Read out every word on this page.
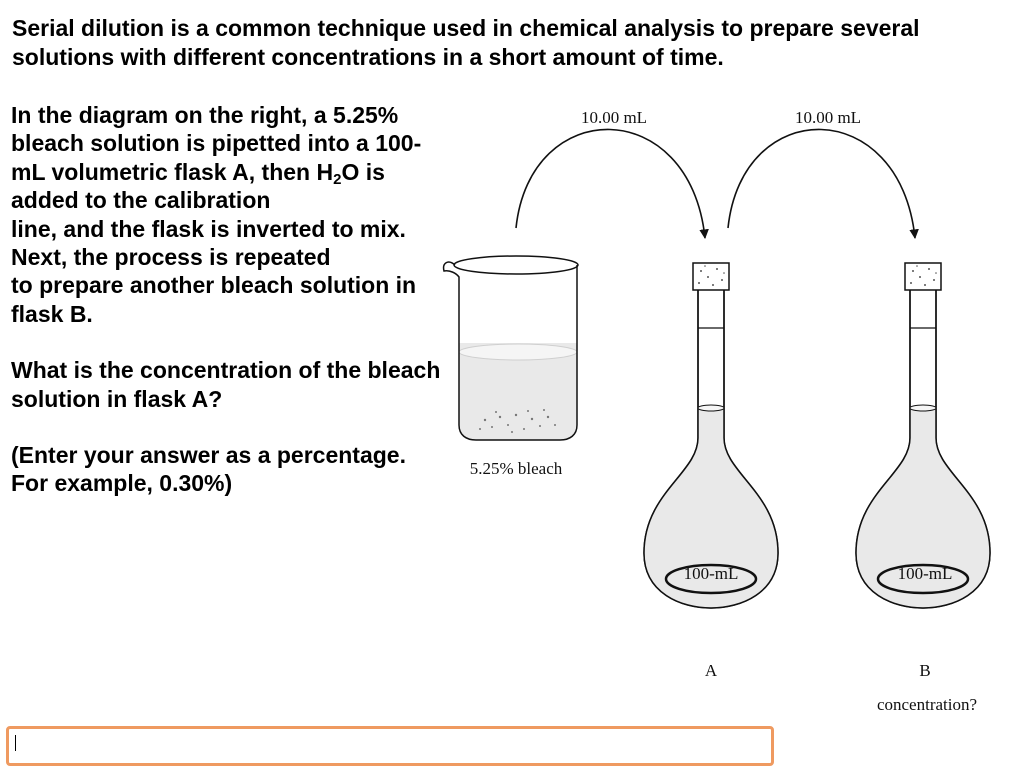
Serial dilution is a common technique used in chemical analysis to prepare several solutions with different concentrations in a short amount of time.

In the diagram on the right, a 5.25% bleach solution is pipetted into a 100-mL volumetric flask A, then $H_2O$ is added to the calibration
line, and the flask is inverted to mix. Next, the process is repeated
to prepare another bleach solution in flask B.

What is the concentration of the bleach solution in flask A?

(Enter your answer as a percentage. For example, 0.30%)

10.00 mL	10.00 mL
5.25% bleach
100-mL	100-mL
A	B
concentration?
